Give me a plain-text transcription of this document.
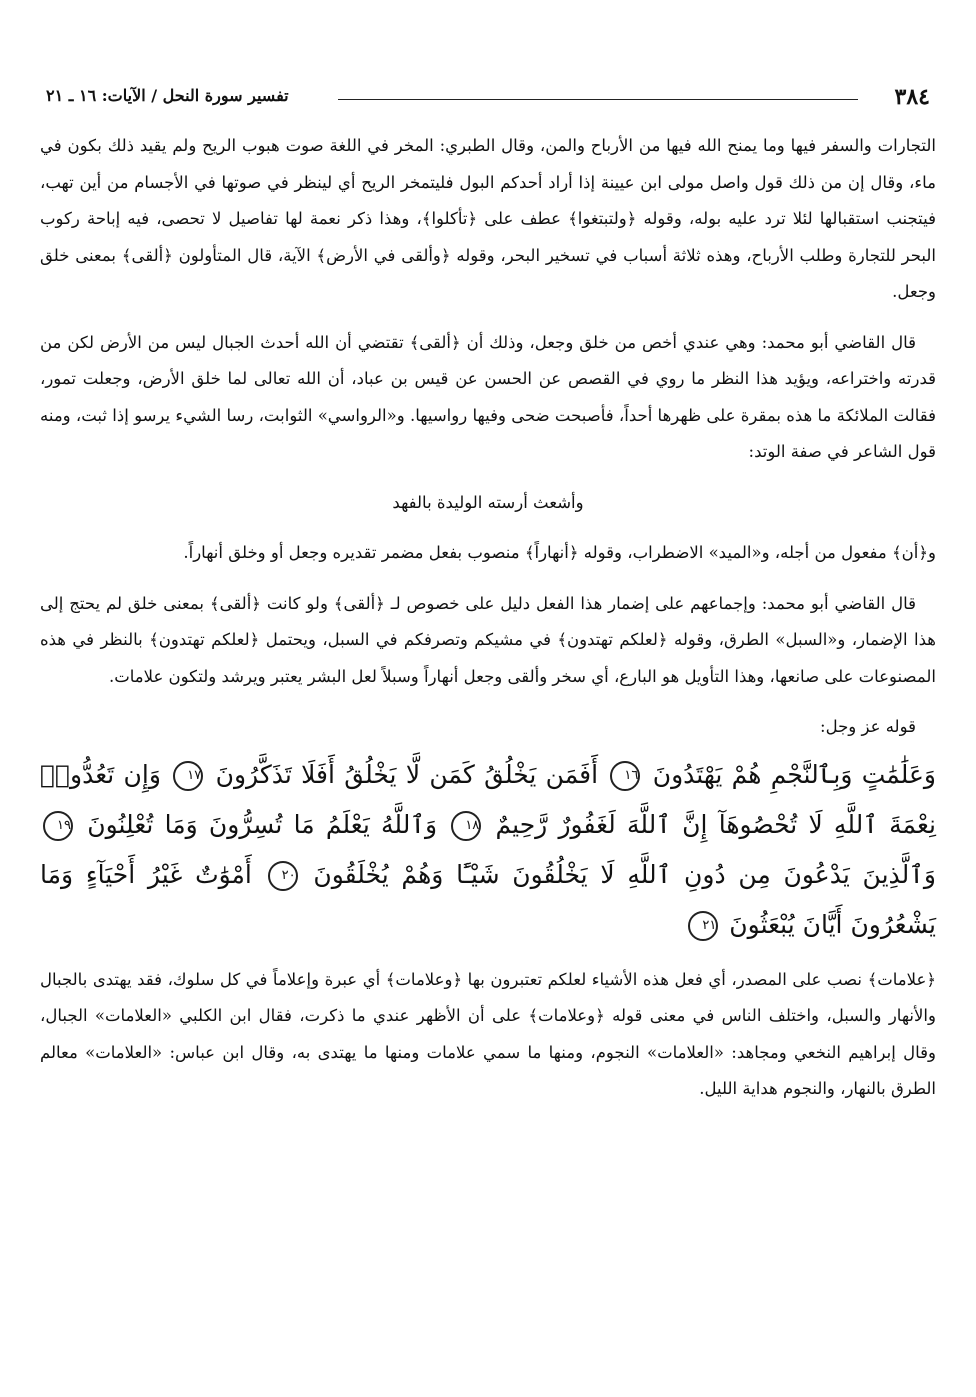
٣٨٤
تفسير سورة النحل / الآيات: ١٦ ـ ٢١

التجارات والسفر فيها وما يمنح الله فيها من الأرباح والمن، وقال الطبري: المخر في اللغة صوت هبوب الريح ولم يقيد ذلك بكون في ماء، وقال إن من ذلك قول واصل مولى ابن عيينة إذا أراد أحدكم البول فليتمخر الريح أي لينظر في صوتها في الأجسام من أين تهب، فيتجنب استقبالها لئلا ترد عليه بوله، وقوله ﴿ولتبتغوا﴾ عطف على ﴿تأكلوا﴾، وهذا ذكر نعمة لها تفاصيل لا تحصى، فيه إباحة ركوب البحر للتجارة وطلب الأرباح، وهذه ثلاثة أسباب في تسخير البحر، وقوله ﴿وألقى في الأرض﴾ الآية، قال المتأولون ﴿ألقى﴾ بمعنى خلق وجعل.

قال القاضي أبو محمد: وهي عندي أخص من خلق وجعل، وذلك أن ﴿ألقى﴾ تقتضي أن الله أحدث الجبال ليس من الأرض لكن من قدرته واختراعه، ويؤيد هذا النظر ما روي في القصص عن الحسن عن قيس بن عباد، أن الله تعالى لما خلق الأرض، وجعلت تمور، فقالت الملائكة ما هذه بمقرة على ظهرها أحداً، فأصبحت ضحى وفيها رواسيها. و«الرواسي» الثوابت، رسا الشيء يرسو إذا ثبت، ومنه قول الشاعر في صفة الوتد:

وأشعث أرسته الوليدة بالفهد

و﴿أن﴾ مفعول من أجله، و«الميد» الاضطراب، وقوله ﴿أنهاراً﴾ منصوب بفعل مضمر تقديره وجعل أو وخلق أنهاراً.

قال القاضي أبو محمد: وإجماعهم على إضمار هذا الفعل دليل على خصوص لـ ﴿ألقى﴾ ولو كانت ﴿ألقى﴾ بمعنى خلق لم يحتج إلى هذا الإضمار، و«السبل» الطرق، وقوله ﴿لعلكم تهتدون﴾ في مشيكم وتصرفكم في السبل، ويحتمل ﴿لعلكم تهتدون﴾ بالنظر في هذه المصنوعات على صانعها، وهذا التأويل هو البارع، أي سخر وألقى وجعل أنهاراً وسبلاً لعل البشر يعتبر ويرشد ولتكون علامات.

قوله عز وجل:

وَعَلَٰمَٰتٍ وَبِٱلنَّجْمِ هُمْ يَهْتَدُونَ ١٦ أَفَمَن يَخْلُقُ كَمَن لَّا يَخْلُقُ أَفَلَا تَذَكَّرُونَ ١٧ وَإِن تَعُدُّوا۟ نِعْمَةَ ٱللَّهِ لَا تُحْصُوهَآ إِنَّ ٱللَّهَ لَغَفُورٌ رَّحِيمٌ ١٨ وَٱللَّهُ يَعْلَمُ مَا تُسِرُّونَ وَمَا تُعْلِنُونَ ١٩ وَٱلَّذِينَ يَدْعُونَ مِن دُونِ ٱللَّهِ لَا يَخْلُقُونَ شَيْـًٔا وَهُمْ يُخْلَقُونَ ٢٠ أَمْوَٰتٌ غَيْرُ أَحْيَآءٍ وَمَا يَشْعُرُونَ أَيَّانَ يُبْعَثُونَ ٢١

﴿علامات﴾ نصب على المصدر، أي فعل هذه الأشياء لعلكم تعتبرون بها ﴿وعلامات﴾ أي عبرة وإعلاماً في كل سلوك، فقد يهتدى بالجبال والأنهار والسبل، واختلف الناس في معنى قوله ﴿وعلامات﴾ على أن الأظهر عندي ما ذكرت، فقال ابن الكلبي «العلامات» الجبال، وقال إبراهيم النخعي ومجاهد: «العلامات» النجوم، ومنها ما سمي علامات ومنها ما يهتدى به، وقال ابن عباس: «العلامات» معالم الطرق بالنهار، والنجوم هداية الليل.
